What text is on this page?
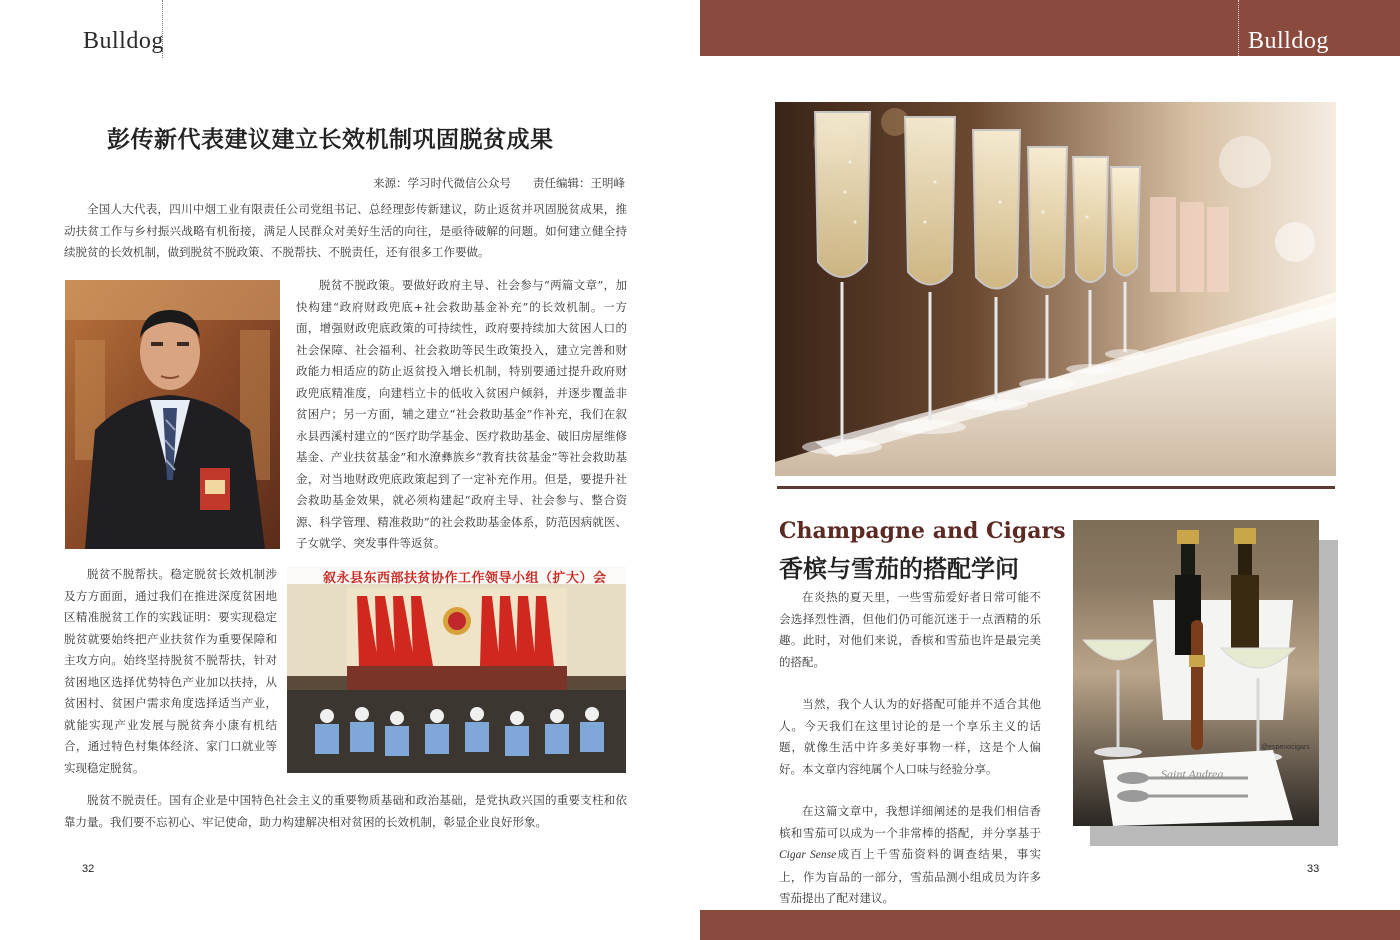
Bulldog
彭传新代表建议建立长效机制巩固脱贫成果
来源：学习时代微信公众号      责任编辑：王明峰

全国人大代表，四川中烟工业有限责任公司党组书记、总经理彭传新建议，防止返贫并巩固脱贫成果，推动扶贫工作与乡村振兴战略有机衔接，满足人民群众对美好生活的向往，是亟待破解的问题。如何建立健全持续脱贫的长效机制，做到脱贫不脱政策、不脱帮扶、不脱责任，还有很多工作要做。

脱贫不脱政策。要做好政府主导、社会参与“两篇文章”，加快构建“政府财政兜底+社会救助基金补充”的长效机制。一方面，增强财政兜底政策的可持续性，政府要持续加大贫困人口的社会保障、社会福利、社会救助等民生政策投入，建立完善和财政能力相适应的防止返贫投入增长机制，特别要通过提升政府财政兜底精准度，向建档立卡的低收入贫困户倾斜，并逐步覆盖非贫困户；另一方面，辅之建立“社会救助基金”作补充，我们在叙永县西溪村建立的“医疗助学基金、医疗救助基金、破旧房屋维修基金、产业扶贫基金”和水潦彝族乡“教育扶贫基金”等社会救助基金，对当地财政兜底政策起到了一定补充作用。但是，要提升社会救助基金效果，就必须构建起“政府主导、社会参与、整合资源、科学管理、精准救助”的社会救助基金体系，防范因病就医、子女就学、突发事件等返贫。

脱贫不脱帮扶。稳定脱贫长效机制涉及方方面面，通过我们在推进深度贫困地区精准脱贫工作的实践证明：要实现稳定脱贫就要始终把产业扶贫作为重要保障和主攻方向。始终坚持脱贫不脱帮扶，针对贫困地区选择优势特色产业加以扶持，从贫困村、贫困户需求角度选择适当产业，就能实现产业发展与脱贫奔小康有机结合，通过特色村集体经济、家门口就业等实现稳定脱贫。

叙永县东西部扶贫协作工作领导小组（扩大）会

脱贫不脱责任。国有企业是中国特色社会主义的重要物质基础和政治基础，是党执政兴国的重要支柱和依靠力量。我们要不忘初心、牢记使命，助力构建解决相对贫困的长效机制，彰显企业良好形象。

32
Bulldog
Champagne and Cigars
香槟与雪茄的搭配学问

在炎热的夏天里，一些雪茄爱好者日常可能不会选择烈性酒，但他们仍可能沉迷于一点酒精的乐趣。此时，对他们来说，香槟和雪茄也许是最完美的搭配。

当然，我个人认为的好搭配可能并不适合其他人。今天我们在这里讨论的是一个享乐主义的话题，就像生活中许多美好事物一样，这是个人偏好。本文章内容纯属个人口味与经验分享。

在这篇文章中，我想详细阐述的是我们相信香槟和雪茄可以成为一个非常棒的搭配，并分享基于Cigar Sense成百上千雪茄资料的调查结果，事实上，作为盲品的一部分，雪茄品测小组成员为许多雪茄提出了配对建议。

Saint Andrea
@espenocigars
33
